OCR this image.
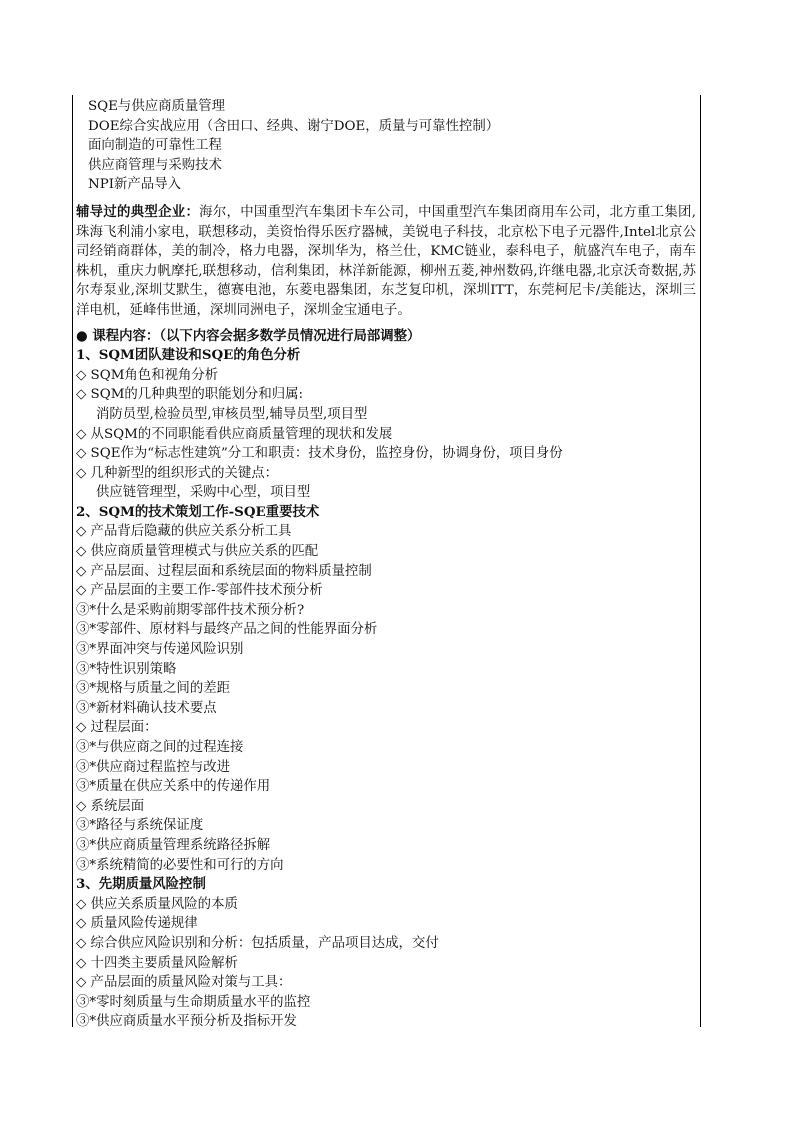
SQE与供应商质量管理
DOE综合实战应用（含田口、经典、谢宁DOE，质量与可靠性控制）
面向制造的可靠性工程
供应商管理与采购技术
NPI新产品导入
辅导过的典型企业：海尔，中国重型汽车集团卡车公司，中国重型汽车集团商用车公司，北方重工集团,珠海飞利浦小家电，联想移动，美资怡得乐医疗器械，美锐电子科技，北京松下电子元器件,Intel北京公司经销商群体，美的制冷，格力电器，深圳华为，格兰仕，KMC链业，泰科电子，航盛汽车电子，南车株机，重庆力帆摩托,联想移动，信利集团，林洋新能源，柳州五菱,神州数码,许继电器,北京沃奇数据,苏尔寿泵业,深圳艾默生，德赛电池，东菱电器集团，东芝复印机，深圳ITT，东莞柯尼卡/美能达，深圳三洋电机，延峰伟世通，深圳同洲电子，深圳金宝通电子。
● 课程内容：（以下内容会据多数学员情况进行局部调整）
1、SQM团队建设和SQE的角色分析
◇ SQM角色和视角分析
◇ SQM的几种典型的职能划分和归属:
消防员型,检验员型,审核员型,辅导员型,项目型
◇ 从SQM的不同职能看供应商质量管理的现状和发展
◇ SQE作为“标志性建筑”分工和职责：技术身份，监控身份，协调身份，项目身份
◇ 几种新型的组织形式的关键点：
供应链管理型，采购中心型，项目型
2、SQM的技术策划工作-SQE重要技术
◇ 产品背后隐藏的供应关系分析工具
◇ 供应商质量管理模式与供应关系的匹配
◇ 产品层面、过程层面和系统层面的物料质量控制
◇ 产品层面的主要工作-零部件技术预分析
③*什么是采购前期零部件技术预分析?
③*零部件、原材料与最终产品之间的性能界面分析
③*界面冲突与传递风险识别
③*特性识别策略
③*规格与质量之间的差距
③*新材料确认技术要点
◇ 过程层面：
③*与供应商之间的过程连接
③*供应商过程监控与改进
③*质量在供应关系中的传递作用
◇ 系统层面
③*路径与系统保证度
③*供应商质量管理系统路径拆解
③*系统精简的必要性和可行的方向
3、先期质量风险控制
◇ 供应关系质量风险的本质
◇ 质量风险传递规律
◇ 综合供应风险识别和分析：包括质量，产品项目达成，交付
◇ 十四类主要质量风险解析
◇ 产品层面的质量风险对策与工具：
③*零时刻质量与生命期质量水平的监控
③*供应商质量水平预分析及指标开发
